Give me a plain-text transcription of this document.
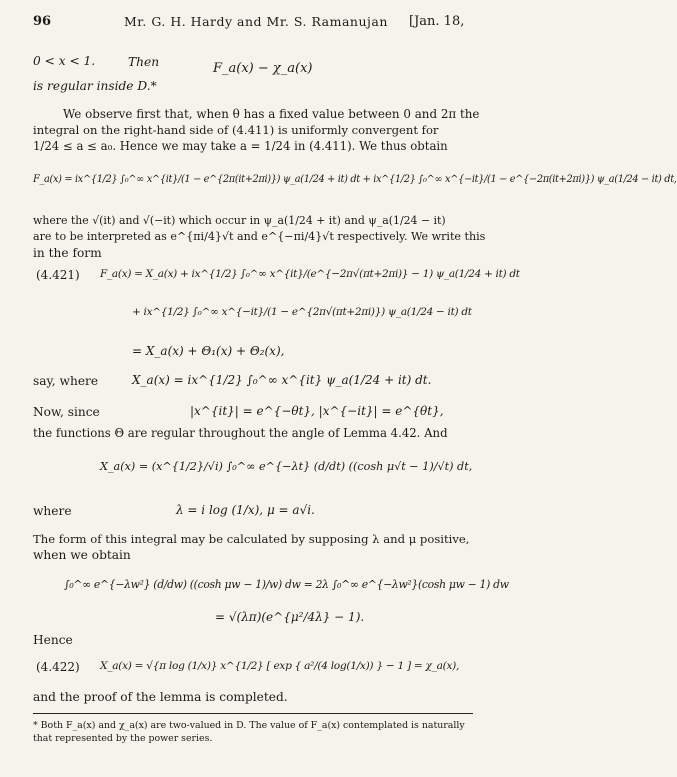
96	Mr. G. H. Hardy and Mr. S. Ramanujan [Jan. 18,
0 < x < 1.	Then	F_a(x) − χ_a(x)
is regular inside D.*
We observe first that, when θ has a fixed value between 0 and 2π the
integral on the right-hand side of (4.411) is uniformly convergent for
1/24 ≤ a ≤ a₀. Hence we may take a = 1/24 in (4.411). We thus obtain
F_a(x) = ix^{1/2} ∫₀^∞ x^{it}/(1 − e^{2π(it+2πi)}) ψ_a(1/24 + it) dt + ix^{1/2} ∫₀^∞ x^{−it}/(1 − e^{−2π(it+2πi)}) ψ_a(1/24 − it) dt,
where the √(it) and √(−it) which occur in ψ_a(1/24 + it) and ψ_a(1/24 − it)
are to be interpreted as e^{πi/4}√t and e^{−πi/4}√t respectively. We write this
in the form
(4.421) F_a(x) = X_a(x) + ix^{1/2} ∫₀^∞ x^{it}/(e^{−2π√(πt+2πi)} − 1) ψ_a(1/24 + it) dt
+ ix^{1/2} ∫₀^∞ x^{−it}/(1 − e^{2π√(πt+2πi)}) ψ_a(1/24 − it) dt
= X_a(x) + Θ₁(x) + Θ₂(x),
say, where	X_a(x) = ix^{1/2} ∫₀^∞ x^{it} ψ_a(1/24 + it) dt.
Now, since	|x^{it}| = e^{−θt}, |x^{−it}| = e^{θt},
the functions Θ are regular throughout the angle of Lemma 4.42. And
X_a(x) = (x^{1/2}/√i) ∫₀^∞ e^{−λt} (d/dt) ((cosh μ√t − 1)/√t) dt,
where	λ = i log (1/x), μ = a√i.
The form of this integral may be calculated by supposing λ and μ positive,
when we obtain
∫₀^∞ e^{−λw²} (d/dw) ((cosh μw − 1)/w) dw = 2λ ∫₀^∞ e^{−λw²}(cosh μw − 1) dw
= √(λπ)(e^{μ²/4λ} − 1).
Hence
(4.422) X_a(x) = √{π log (1/x)} x^{1/2} [ exp { a²/(4 log(1/x)) } − 1 ] = χ_a(x),
and the proof of the lemma is completed.
* Both F_a(x) and χ_a(x) are two-valued in D. The value of F_a(x) contemplated is naturally that represented by the power series.
